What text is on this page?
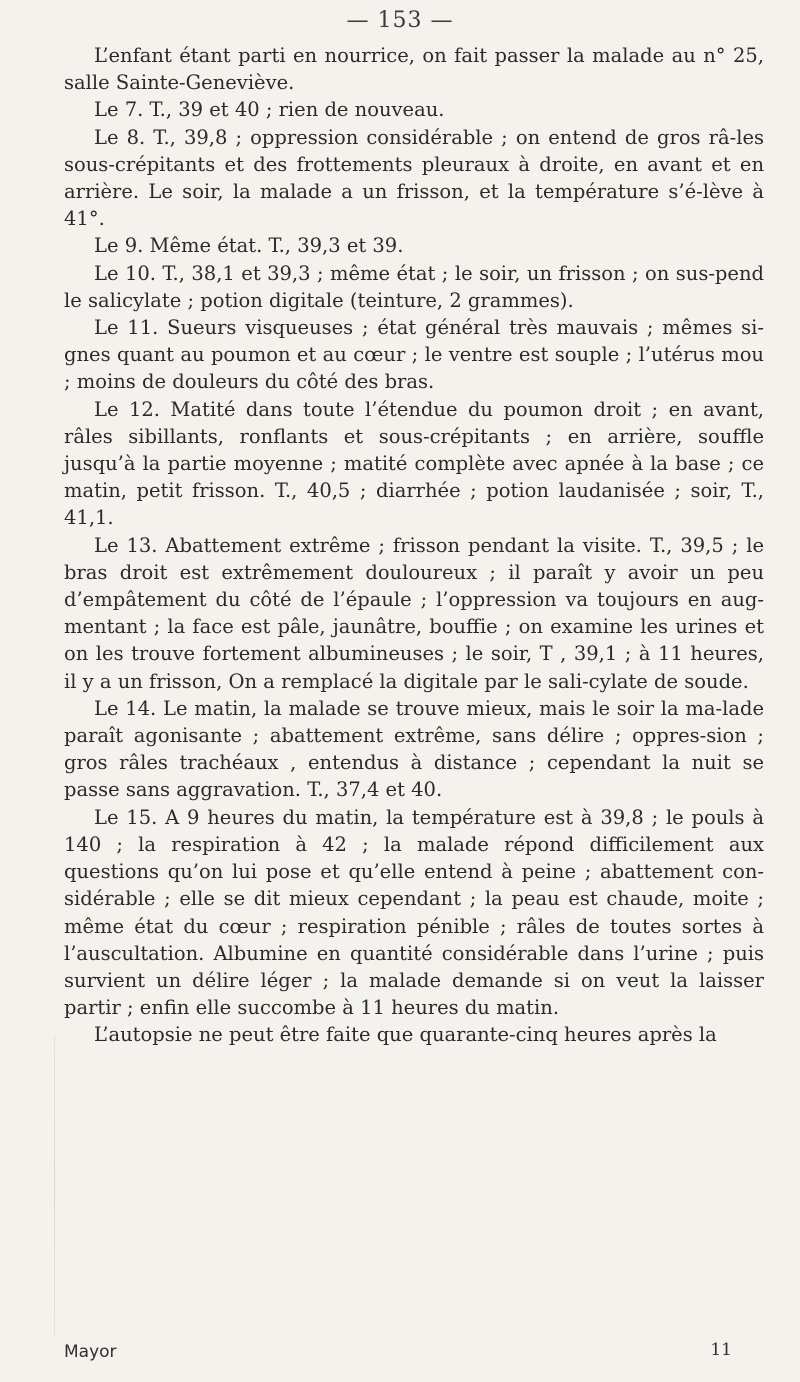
— 153 —

L’enfant étant parti en nourrice, on fait passer la malade au n° 25, salle Sainte-Geneviève.

Le 7. T., 39 et 40 ; rien de nouveau.

Le 8. T., 39,8 ; oppression considérable ; on entend de gros râ-les sous-crépitants et des frottements pleuraux à droite, en avant et en arrière. Le soir, la malade a un frisson, et la température s’é-lève à 41°.

Le 9. Même état. T., 39,3 et 39.

Le 10. T., 38,1 et 39,3 ; même état ; le soir, un frisson ; on sus-pend le salicylate ; potion digitale (teinture, 2 grammes).

Le 11. Sueurs visqueuses ; état général très mauvais ; mêmes si-gnes quant au poumon et au cœur ; le ventre est souple ; l’utérus mou ; moins de douleurs du côté des bras.

Le 12. Matité dans toute l’étendue du poumon droit ; en avant, râles sibillants, ronflants et sous-crépitants ; en arrière, souffle jusqu’à la partie moyenne ; matité complète avec apnée à la base ; ce matin, petit frisson. T., 40,5 ; diarrhée ; potion laudanisée ; soir, T., 41,1.

Le 13. Abattement extrême ; frisson pendant la visite. T., 39,5 ; le bras droit est extrêmement douloureux ; il paraît y avoir un peu d’empâtement du côté de l’épaule ; l’oppression va toujours en aug-mentant ; la face est pâle, jaunâtre, bouffie ; on examine les urines et on les trouve fortement albumineuses ; le soir, T , 39,1 ; à 11 heures, il y a un frisson, On a remplacé la digitale par le sali-cylate de soude.

Le 14. Le matin, la malade se trouve mieux, mais le soir la ma-lade paraît agonisante ; abattement extrême, sans délire ; oppres-sion ; gros râles trachéaux , entendus à distance ; cependant la nuit se passe sans aggravation. T., 37,4 et 40.

Le 15. A 9 heures du matin, la température est à 39,8 ; le pouls à 140 ; la respiration à 42 ; la malade répond difficilement aux questions qu’on lui pose et qu’elle entend à peine ; abattement con-sidérable ; elle se dit mieux cependant ; la peau est chaude, moite ; même état du cœur ; respiration pénible ; râles de toutes sortes à l’auscultation. Albumine en quantité considérable dans l’urine ; puis survient un délire léger ; la malade demande si on veut la laisser partir ; enfin elle succombe à 11 heures du matin.

L’autopsie ne peut être faite que quarante-cinq heures après la

Mayor	11
